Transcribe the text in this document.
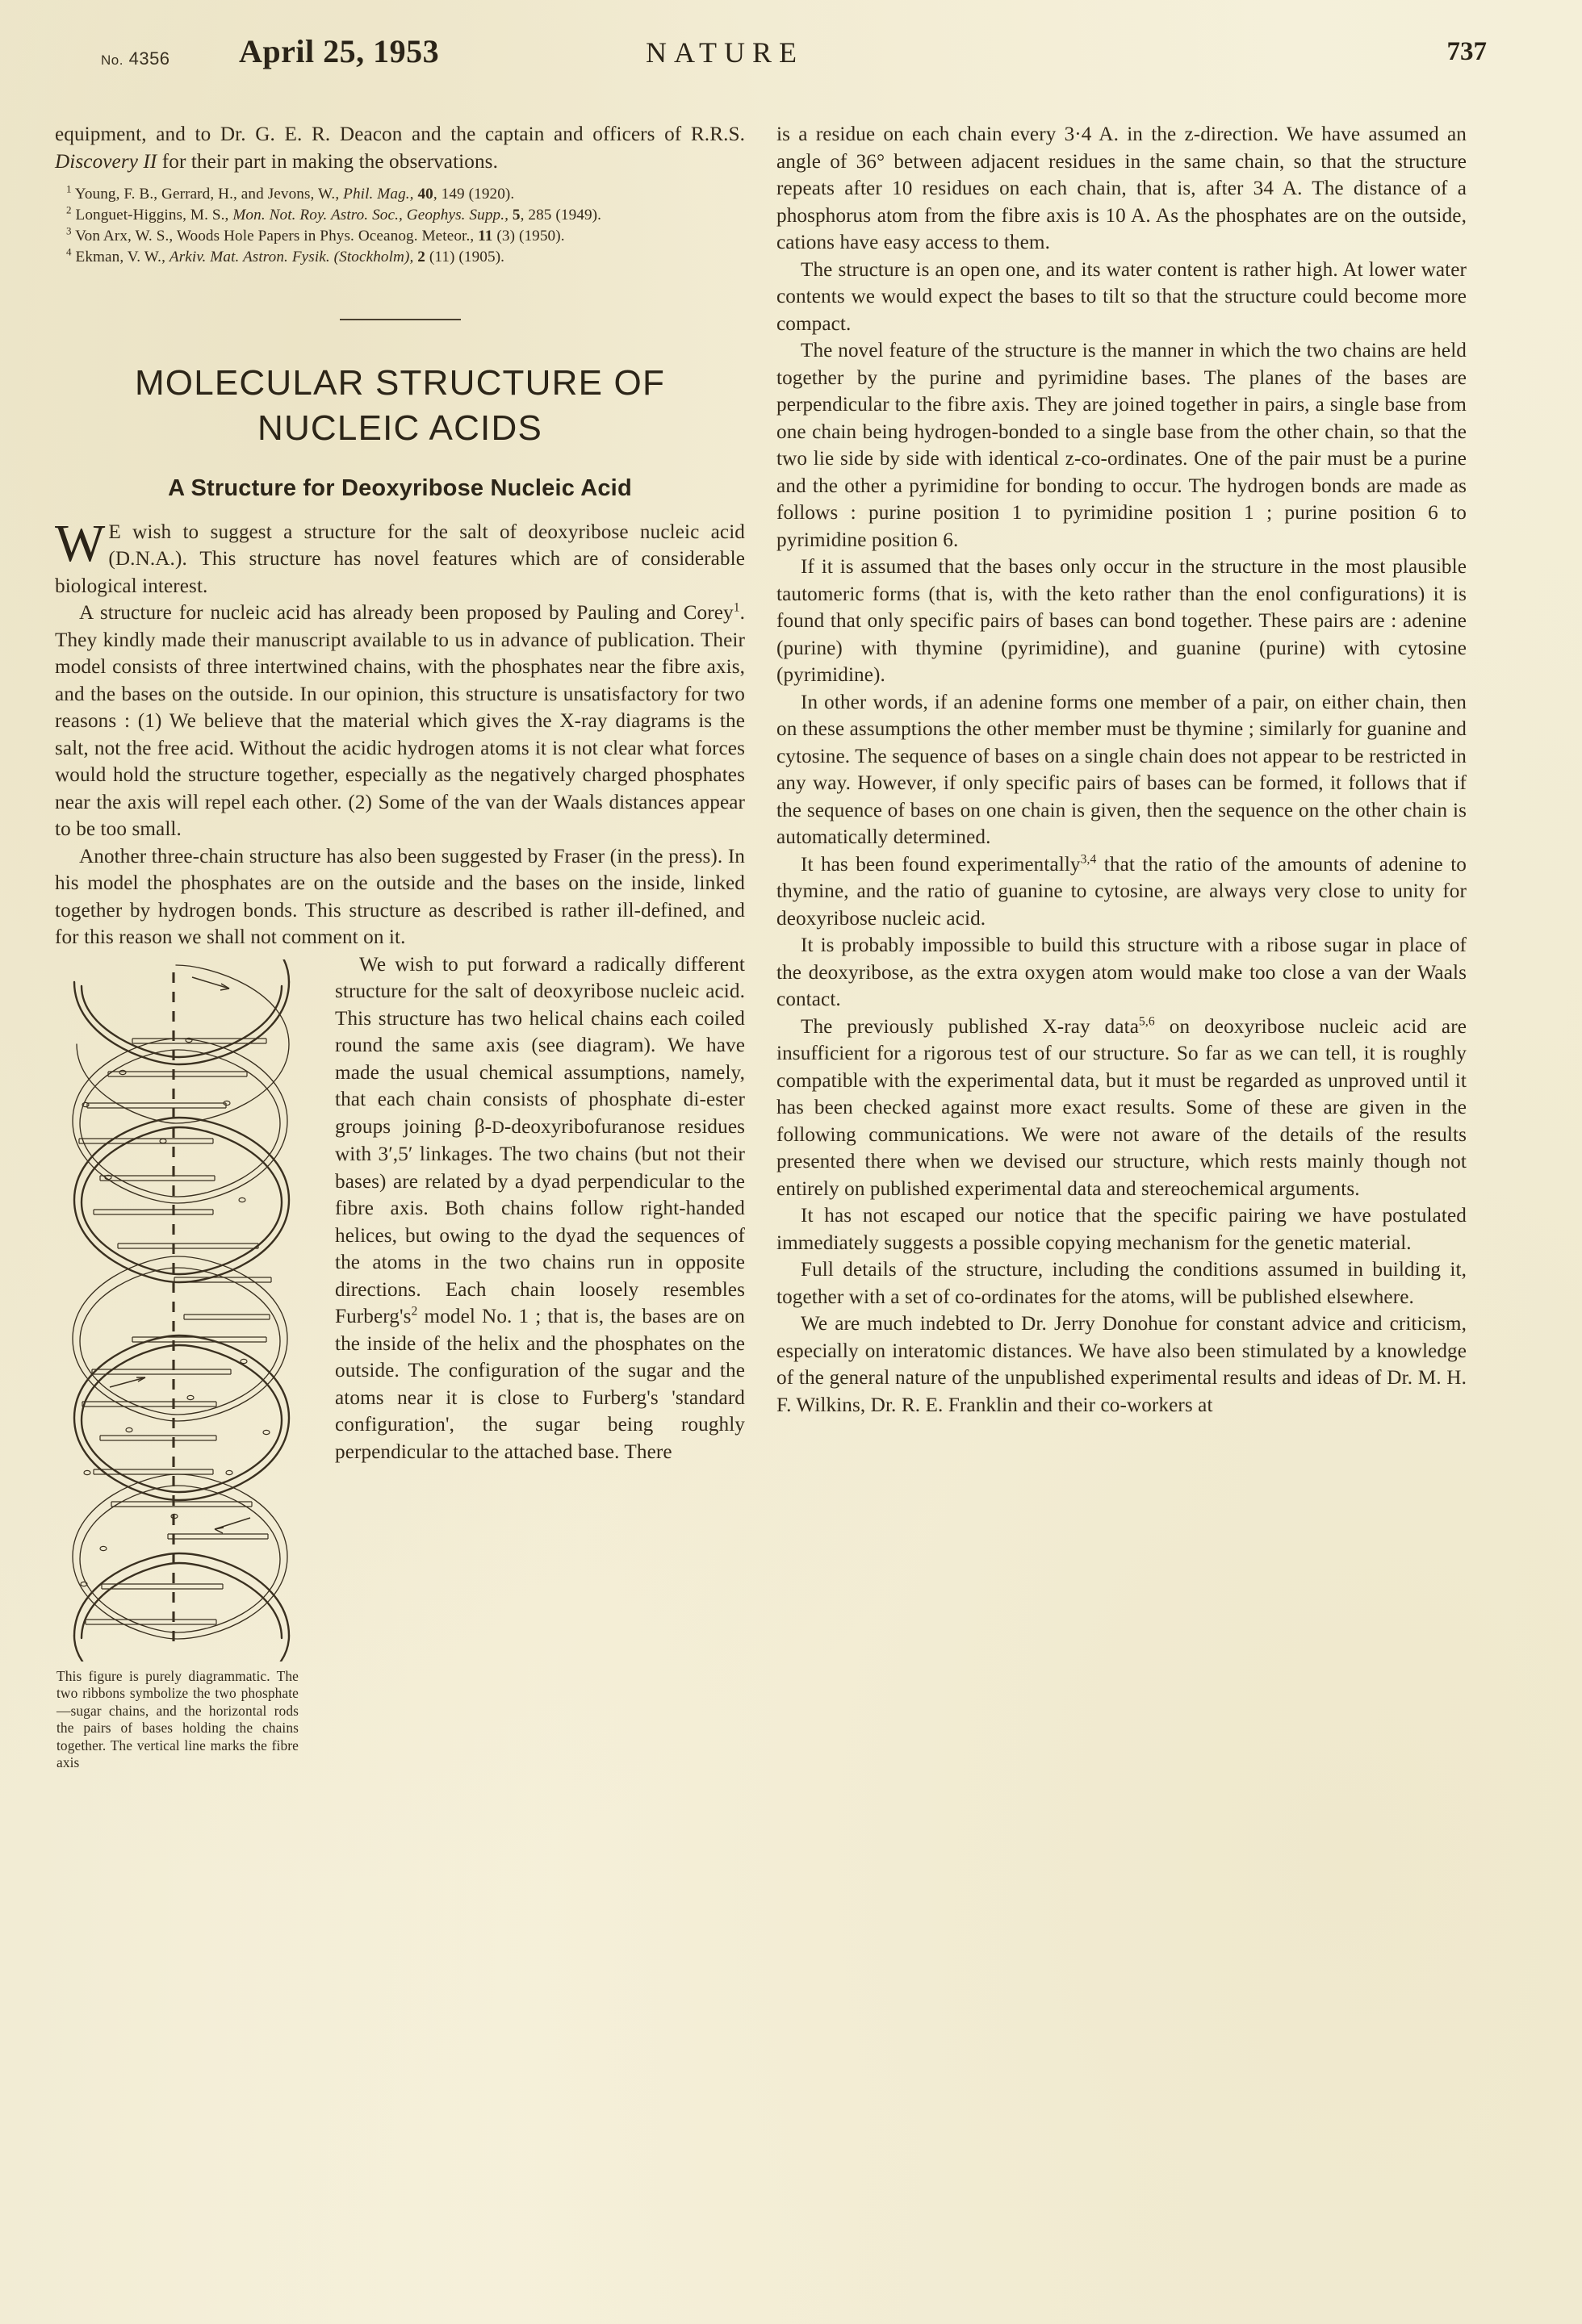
No. 4356 April 25, 1953	NATURE	737

equipment, and to Dr. G. E. R. Deacon and the captain and officers of R.R.S. Discovery II for their part in making the observations.

$^1$ Young, F. B., Gerrard, H., and Jevons, W., Phil. Mag., 40, 149 (1920).
$^2$ Longuet-Higgins, M. S., Mon. Not. Roy. Astro. Soc., Geophys. Supp., 5, 285 (1949).
$^3$ Von Arx, W. S., Woods Hole Papers in Phys. Oceanog. Meteor., 11 (3) (1950).
$^4$ Ekman, V. W., Arkiv. Mat. Astron. Fysik. (Stockholm), 2 (11) (1905).
MOLECULAR STRUCTURE OF
NUCLEIC ACIDS
A Structure for Deoxyribose Nucleic Acid

W E wish to suggest a structure for the salt of deoxyribose nucleic acid (D.N.A.). This structure has novel features which are of considerable biological interest.

A structure for nucleic acid has already been proposed by Pauling and Corey$^1$. They kindly made their manuscript available to us in advance of publication. Their model consists of three intertwined chains, with the phosphates near the fibre axis, and the bases on the outside. In our opinion, this structure is unsatisfactory for two reasons : (1) We believe that the material which gives the X-ray diagrams is the salt, not the free acid. Without the acidic hydrogen atoms it is not clear what forces would hold the structure together, especially as the negatively charged phosphates near the axis will repel each other. (2) Some of the van der Waals distances appear to be too small.

Another three-chain structure has also been suggested by Fraser (in the press). In his model the phosphates are on the outside and the bases on the inside, linked together by hydrogen bonds. This structure as described is rather ill-defined, and for this reason we shall not comment on it.

This figure is purely diagrammatic. The two ribbons symbolize the two phosphate—sugar chains, and the horizontal rods the pairs of bases holding the chains together. The vertical line marks the fibre axis

We wish to put forward a radically different structure for the salt of deoxyribose nucleic acid. This structure has two helical chains each coiled round the same axis (see diagram). We have made the usual chemical assumptions, namely, that each chain consists of phosphate di-ester groups joining β-D-deoxyribofuranose residues with 3′,5′ linkages. The two chains (but not their bases) are related by a dyad perpendicular to the fibre axis. Both chains follow right-handed helices, but owing to the dyad the sequences of the atoms in the two chains run in opposite directions. Each chain loosely resembles $Furberg's^2$ model No. 1 ; that is, the bases are on the inside of the helix and the phosphates on the outside. The configuration of the sugar and the atoms near it is close to Furberg's 'standard configuration', the sugar being roughly perpendicular to the attached base. There

is a residue on each chain every 3·4 A. in the z-direction. We have assumed an angle of 36° between adjacent residues in the same chain, so that the structure repeats after 10 residues on each chain, that is, after 34 A. The distance of a phosphorus atom from the fibre axis is 10 A. As the phosphates are on the outside, cations have easy access to them.

The structure is an open one, and its water content is rather high. At lower water contents we would expect the bases to tilt so that the structure could become more compact.

The novel feature of the structure is the manner in which the two chains are held together by the purine and pyrimidine bases. The planes of the bases are perpendicular to the fibre axis. They are joined together in pairs, a single base from one chain being hydrogen-bonded to a single base from the other chain, so that the two lie side by side with identical z-co-ordinates. One of the pair must be a purine and the other a pyrimidine for bonding to occur. The hydrogen bonds are made as follows : purine position 1 to pyrimidine position 1 ; purine position 6 to pyrimidine position 6.

If it is assumed that the bases only occur in the structure in the most plausible tautomeric forms (that is, with the keto rather than the enol configurations) it is found that only specific pairs of bases can bond together. These pairs are : adenine (purine) with thymine (pyrimidine), and guanine (purine) with cytosine (pyrimidine).

In other words, if an adenine forms one member of a pair, on either chain, then on these assumptions the other member must be thymine ; similarly for guanine and cytosine. The sequence of bases on a single chain does not appear to be restricted in any way. However, if only specific pairs of bases can be formed, it follows that if the sequence of bases on one chain is given, then the sequence on the other chain is automatically determined.

It has been found experimentally$^{3,4}$ that the ratio of the amounts of adenine to thymine, and the ratio of guanine to cytosine, are always very close to unity for deoxyribose nucleic acid.

It is probably impossible to build this structure with a ribose sugar in place of the deoxyribose, as the extra oxygen atom would make too close a van der Waals contact.

The previously published X-ray data$^{5,6}$ on deoxyribose nucleic acid are insufficient for a rigorous test of our structure. So far as we can tell, it is roughly compatible with the experimental data, but it must be regarded as unproved until it has been checked against more exact results. Some of these are given in the following communications. We were not aware of the details of the results presented there when we devised our structure, which rests mainly though not entirely on published experimental data and stereochemical arguments.

It has not escaped our notice that the specific pairing we have postulated immediately suggests a possible copying mechanism for the genetic material.

Full details of the structure, including the conditions assumed in building it, together with a set of co-ordinates for the atoms, will be published elsewhere.

We are much indebted to Dr. Jerry Donohue for constant advice and criticism, especially on interatomic distances. We have also been stimulated by a knowledge of the general nature of the unpublished experimental results and ideas of Dr. M. H. F. Wilkins, Dr. R. E. Franklin and their co-workers at
